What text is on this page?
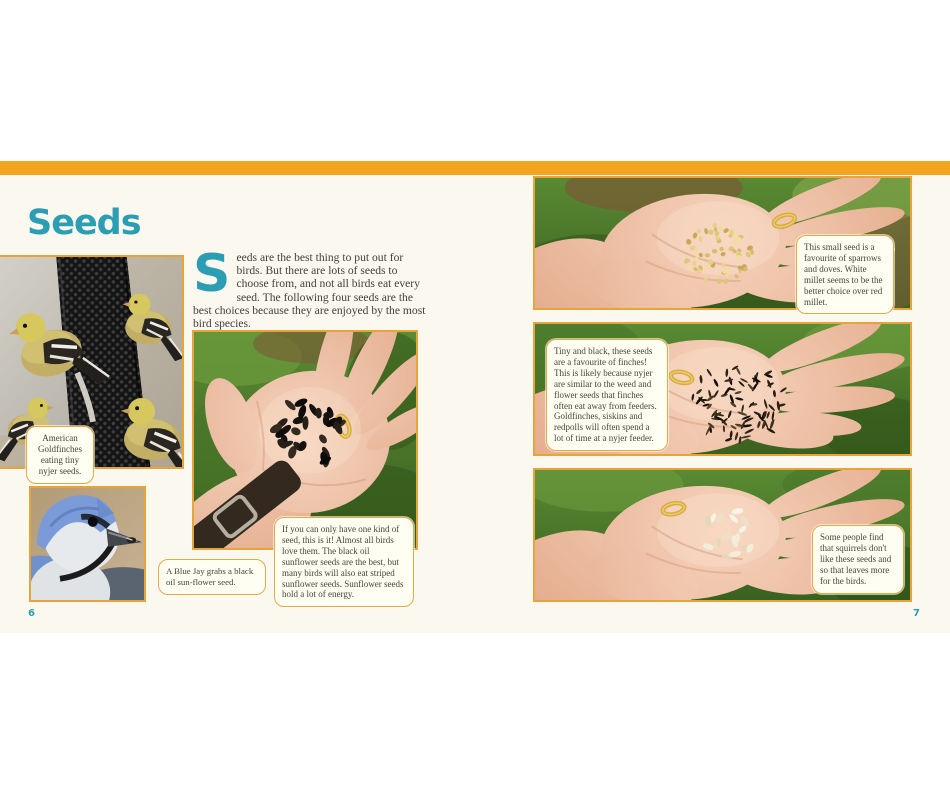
Seeds

Seeds are the best thing to put out for birds. But there are lots of seeds to choose from, and not all birds eat every seed. The following four seeds are the best choices because they are enjoyed by the most bird species.

American Goldfinches eating tiny nyjer seeds.
A Blue Jay grabs a black oil sun-flower seed.
If you can only have one kind of seed, this is it! Almost all birds love them. The black oil sunflower seeds are the best, but many birds will also eat striped sunflower seeds. Sunflower seeds hold a lot of energy.
This small seed is a favourite of sparrows and doves. White millet seems to be the better choice over red millet.
Tiny and black, these seeds are a favourite of finches! This is likely because nyjer are similar to the weed and flower seeds that finches often eat away from feeders. Goldfinches, siskins and redpolls will often spend a lot of time at a nyjer feeder.
Some people find that squirrels don't like these seeds and so that leaves more for the birds.
6	7
